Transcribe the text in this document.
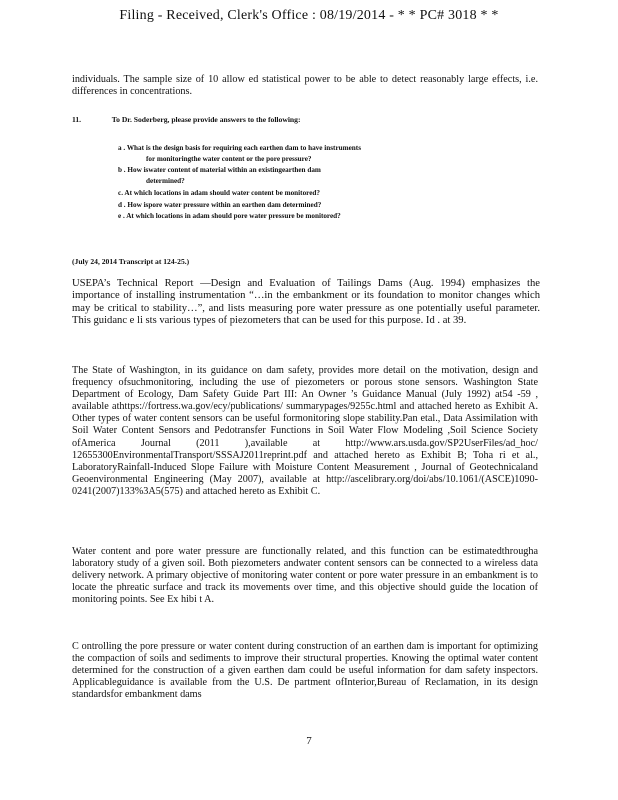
Filing - Received, Clerk's Office : 08/19/2014 - * * PC# 3018 * *
individuals. The sample size of 10 allow ed statistical power to be able to detect reasonably large effects, i.e. differences in concentrations.
11.	To Dr. Soderberg, please provide answers to the following:
a . What is the design basis for requiring each earthen dam to have instruments
for monitoringthe water content or the pore pressure?
b . How iswater content of material within an existingearthen dam
determined?
c. At which locations in adam should water content be monitored?
d . How ispore water pressure within an earthen dam determined?
e . At which locations in adam should pore water pressure be monitored?
(July 24, 2014 Transcript at 124-25.)
USEPA’s Technical Report —Design and Evaluation of Tailings Dams (Aug. 1994) emphasizes the importance of installing instrumentation “…in the embankment or its foundation to monitor changes which may be critical to stability…”, and lists measuring pore water pressure as one potentially useful parameter. This guidanc e li sts various types of piezometers that can be used for this purpose. Id . at 39.
The State of Washington, in its guidance on dam safety, provides more detail on the motivation, design and frequency ofsuchmonitoring, including the use of piezometers or porous stone sensors. Washington State Department of Ecology, Dam Safety Guide Part III: An Owner ’s Guidance Manual (July 1992) at54 -59 , available athttps://fortress.wa.gov/ecy/publications/ summarypages/9255c.html and attached hereto as Exhibit A. Other types of water content sensors can be useful formonitoring slope stability.Pan etal., Data Assimilation with Soil Water Content Sensors and Pedotransfer Functions in Soil Water Flow Modeling ,Soil Science Society ofAmerica Journal (2011 ),available at http://www.ars.usda.gov/SP2UserFiles/ad_hoc/ 12655300EnvironmentalTransport/SSSAJ2011reprint.pdf and attached hereto as Exhibit B; Toha ri et al., LaboratoryRainfall-Induced Slope Failure with Moisture Content Measurement , Journal of Geotechnicaland Geoenvironmental Engineering (May 2007), available at http://ascelibrary.org/doi/abs/10.1061/(ASCE)1090-0241(2007)133%3A5(575) and attached hereto as Exhibit C.
Water content and pore water pressure are functionally related, and this function can be estimatedthrougha laboratory study of a given soil. Both piezometers andwater content sensors can be connected to a wireless data delivery network. A primary objective of monitoring water content or pore water pressure in an embankment is to locate the phreatic surface and track its movements over time, and this objective should guide the location of monitoring points. See Ex hibi t A.
C ontrolling the pore pressure or water content during construction of an earthen dam is important for optimizing the compaction of soils and sediments to improve their structural properties. Knowing the optimal water content determined for the construction of a given earthen dam could be useful information for dam safety inspectors. Applicableguidance is available from the U.S. De partment ofInterior,Bureau of Reclamation, in its design standardsfor embankment dams
7
